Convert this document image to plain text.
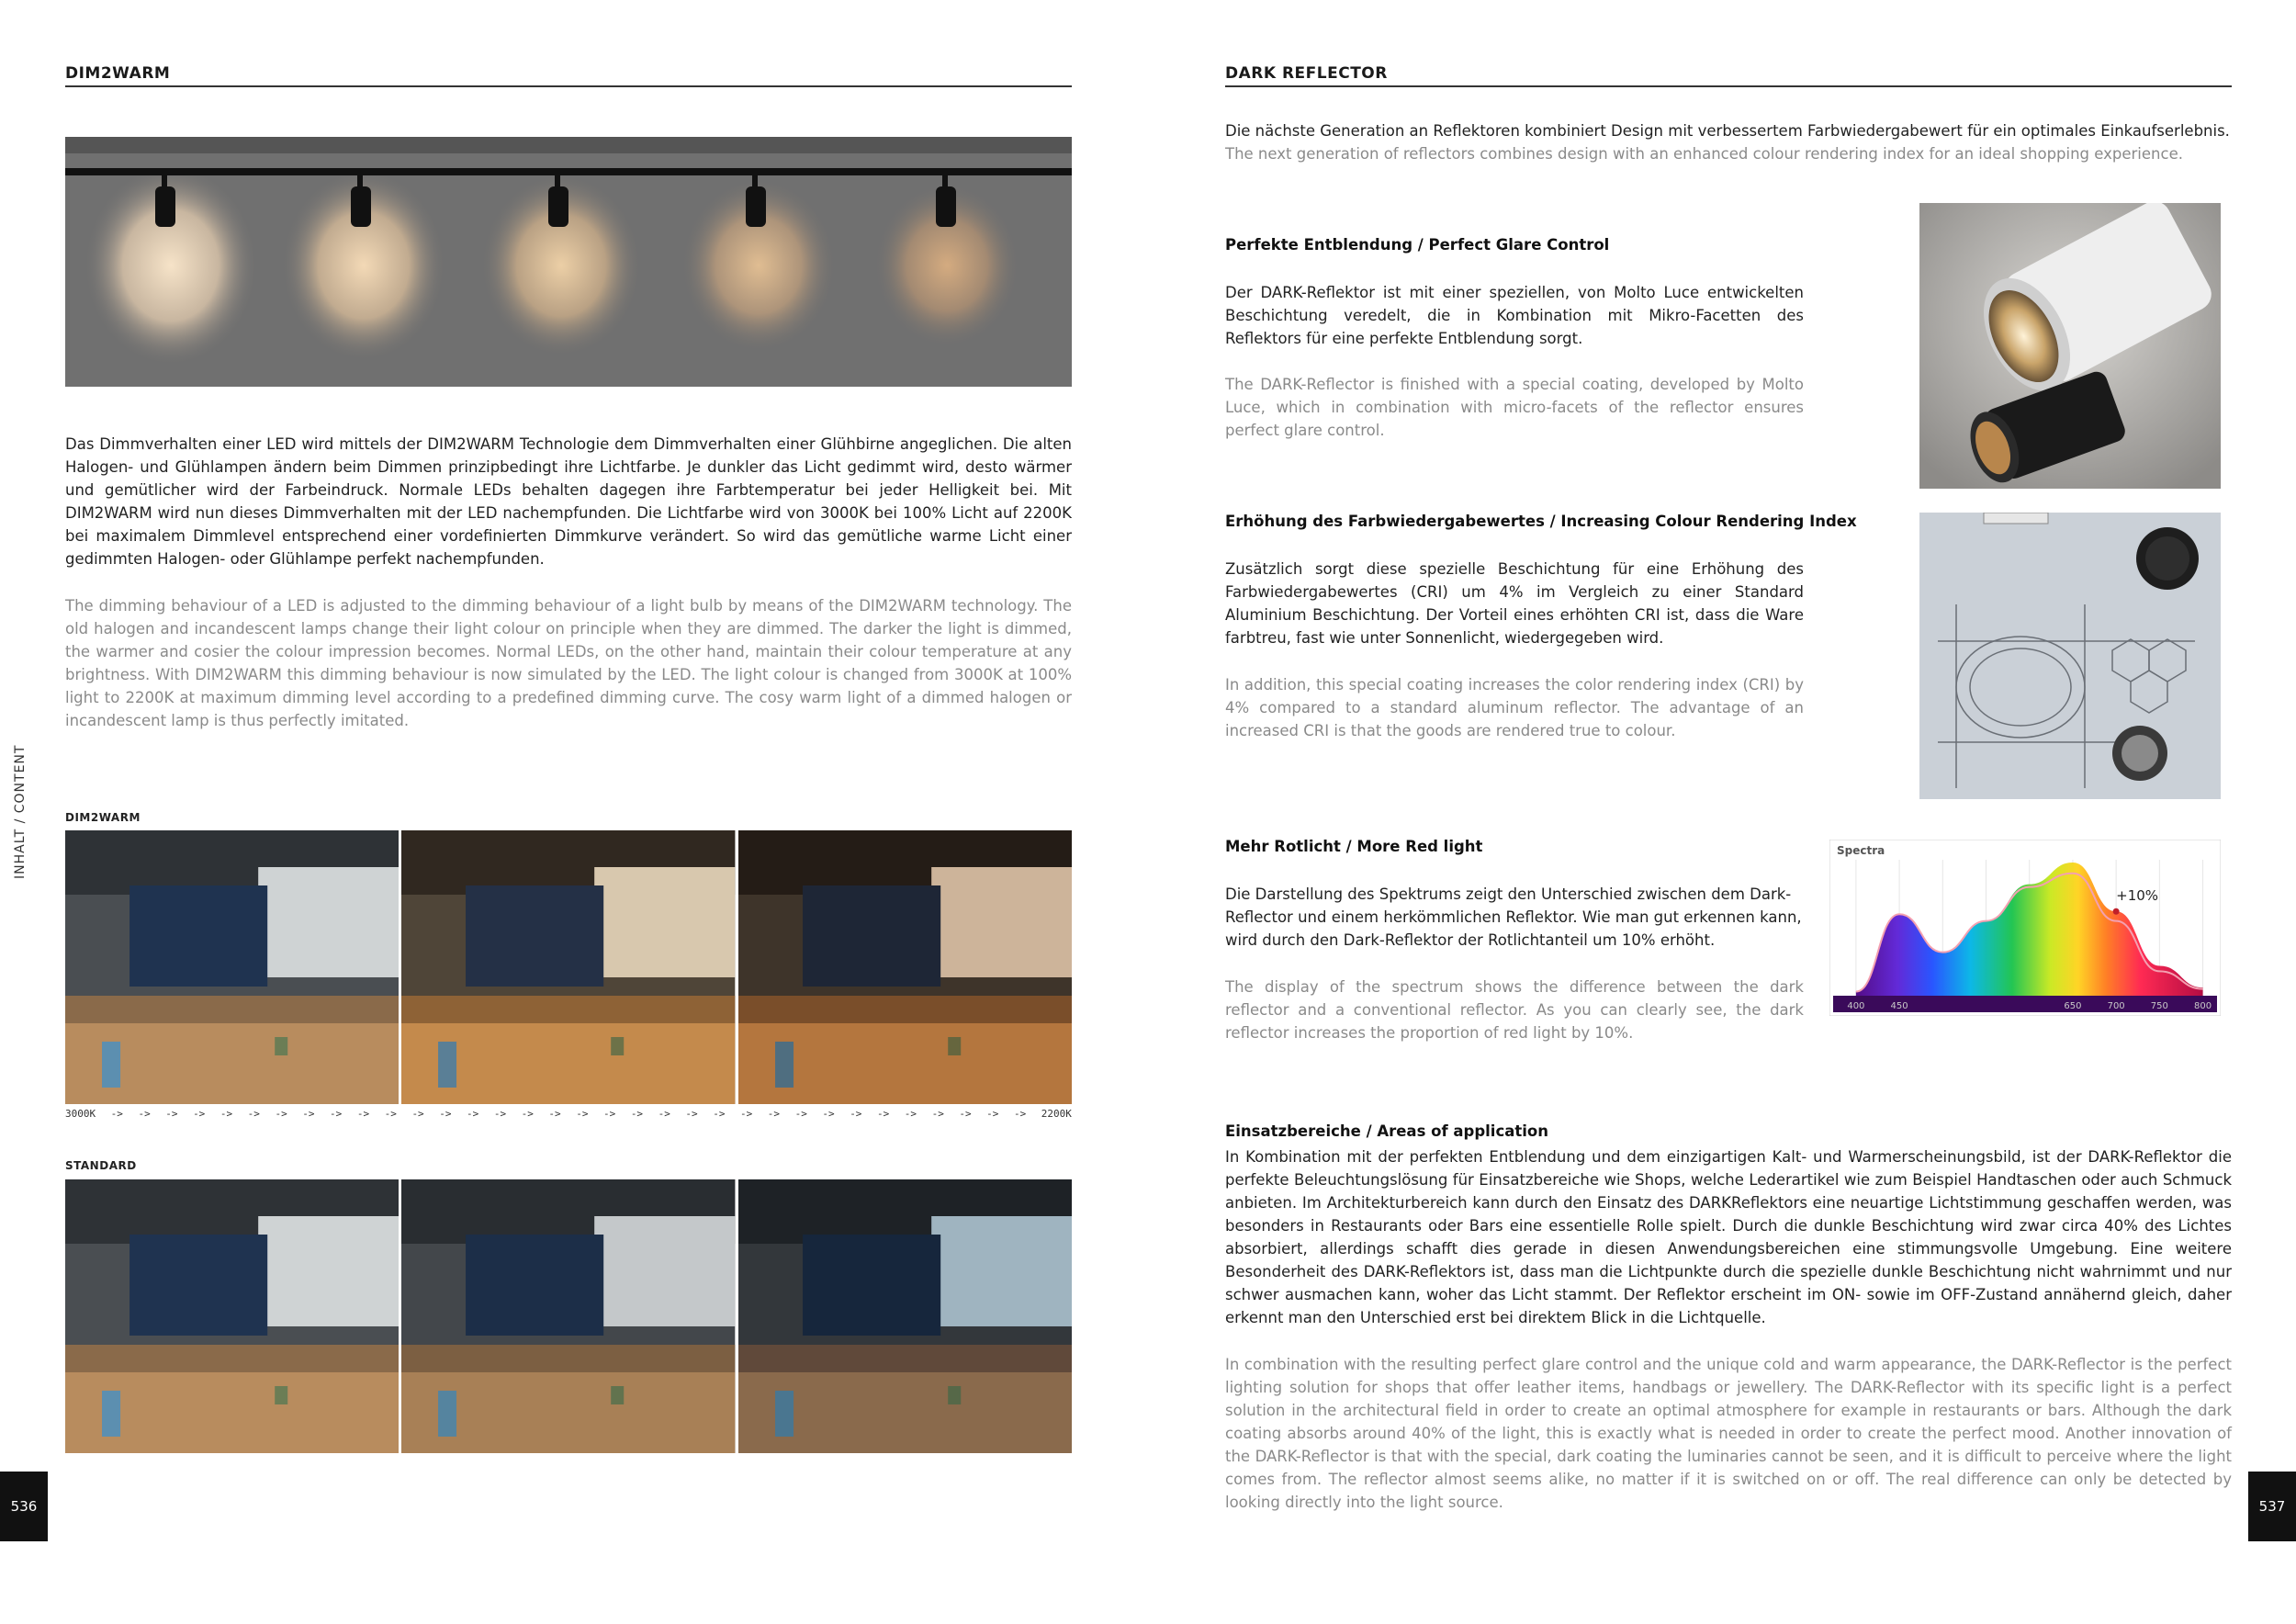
DIM2WARM
Das Dimmverhalten einer LED wird mittels der DIM2WARM Technologie dem Dimmverhalten einer Glühbirne angeglichen. Die alten Halogen- und Glühlampen ändern beim Dimmen prinzipbedingt ihre Lichtfarbe. Je dunkler das Licht gedimmt wird, desto wärmer und gemütlicher wird der Farbeindruck. Normale LEDs behalten dagegen ihre Farbtemperatur bei jeder Helligkeit bei. Mit DIM2WARM wird nun dieses Dimmverhalten mit der LED nachempfunden. Die Lichtfarbe wird von 3000K bei 100% Licht auf 2200K bei maximalem Dimmlevel entsprechend einer vordefinierten Dimmkurve verändert. So wird das gemütliche warme Licht einer gedimmten Halogen- oder Glühlampe perfekt nachempfunden.
The dimming behaviour of a LED is adjusted to the dimming behaviour of a light bulb by means of the DIM2WARM technology. The old halogen and incandescent lamps change their light colour on principle when they are dimmed. The darker the light is dimmed, the warmer and cosier the colour impression becomes. Normal LEDs, on the other hand, maintain their colour temperature at any brightness. With DIM2WARM this dimming behaviour is now simulated by the LED. The light colour is changed from 3000K at 100% light to 2200K at maximum dimming level according to a predefined dimming curve. The cosy warm light of a dimmed halogen or incandescent lamp is thus perfectly imitated.
INHALT / CONTENT	DIM2WARM
3000K -> -> -> -> -> -> -> -> -> -> -> -> -> -> -> -> -> -> -> -> -> -> -> -> -> -> -> -> -> -> -> -> -> -> 2200K
STANDARD
536
DARK REFLECTOR
Die nächste Generation an Reflektoren kombiniert Design mit verbessertem Farbwiedergabewert für ein optimales Einkaufserlebnis.
The next generation of reflectors combines design with an enhanced colour rendering index for an ideal shopping experience.
Perfekte Entblendung / Perfect Glare Control
Der DARK-Reflektor ist mit einer speziellen, von Molto Luce entwickelten Beschichtung veredelt, die in Kombination mit Mikro-Facetten des Reflektors für eine perfekte Entblendung sorgt.
The DARK-Reflector is finished with a special coating, developed by Molto Luce, which in combination with micro-facets of the reflector ensures perfect glare control.
Erhöhung des Farbwiedergabewertes / Increasing Colour Rendering Index
Zusätzlich sorgt diese spezielle Beschichtung für eine Erhöhung des Farbwiedergabewertes (CRI) um 4% im Vergleich zu einer Standard Aluminium Beschichtung. Der Vorteil eines erhöhten CRI ist, dass die Ware farbtreu, fast wie unter Sonnenlicht, wiedergegeben wird.
In addition, this special coating increases the color rendering index (CRI) by 4% compared to a standard aluminum reflector. The advantage of an increased CRI is that the goods are rendered true to colour.
Mehr Rotlicht / More Red light
Die Darstellung des Spektrums zeigt den Unterschied zwischen dem Dark-Reflector und einem herkömmlichen Reflektor. Wie man gut erkennen kann, wird durch den Dark-Reflektor der Rotlichtanteil um 10% erhöht.
The display of the spectrum shows the difference between the dark reflector and a conventional reflector. As you can clearly see, the dark reflector increases the proportion of red light by 10%.
Spectra
400	450	650	700	750	800
+10%
Einsatzbereiche / Areas of application
In Kombination mit der perfekten Entblendung und dem einzigartigen Kalt- und Warmerscheinungsbild, ist der DARK-Reflektor die perfekte Beleuchtungslösung für Einsatzbereiche wie Shops, welche Lederartikel wie zum Beispiel Handtaschen oder auch Schmuck anbieten. Im Architekturbereich kann durch den Einsatz des DARKReflektors eine neuartige Lichtstimmung geschaffen werden, was besonders in Restaurants oder Bars eine essentielle Rolle spielt. Durch die dunkle Beschichtung wird zwar circa 40% des Lichtes absorbiert, allerdings schafft dies gerade in diesen Anwendungsbereichen eine stimmungsvolle Umgebung. Eine weitere Besonderheit des DARK-Reflektors ist, dass man die Lichtpunkte durch die spezielle dunkle Beschichtung nicht wahrnimmt und nur schwer ausmachen kann, woher das Licht stammt. Der Reflektor erscheint im ON- sowie im OFF-Zustand annähernd gleich, daher erkennt man den Unterschied erst bei direktem Blick in die Lichtquelle.
In combination with the resulting perfect glare control and the unique cold and warm appearance, the DARK-Reflector is the perfect lighting solution for shops that offer leather items, handbags or jewellery. The DARK-Reflector with its specific light is a perfect solution in the architectural field in order to create an optimal atmosphere for example in restaurants or bars. Although the dark coating absorbs around 40% of the light, this is exactly what is needed in order to create the perfect mood. Another innovation of the DARK-Reflector is that with the special, dark coating the luminaries cannot be seen, and it is difficult to perceive where the light comes from. The reflector almost seems alike, no matter if it is switched on or off. The real difference can only be detected by looking directly into the light source.	537
